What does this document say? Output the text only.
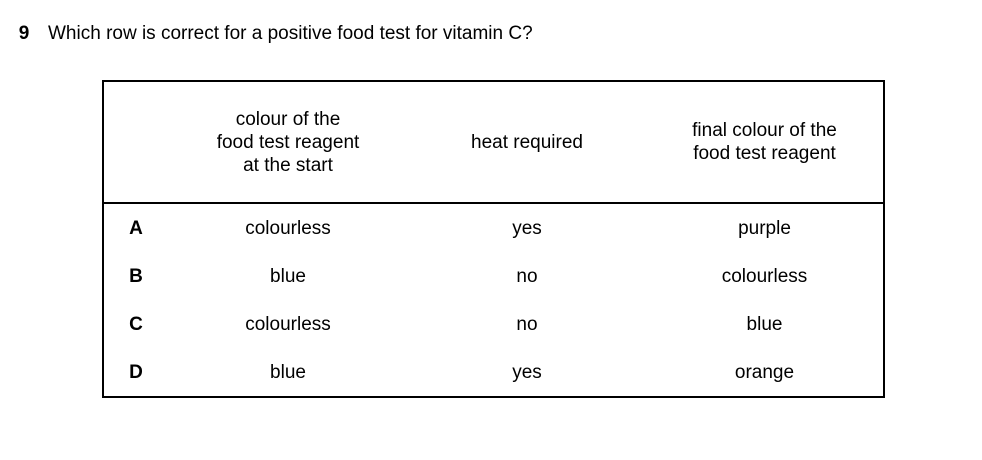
9 Which row is correct for a positive food test for vitamin C?

	colour of the
food test reagent
at the start	heat required	final colour of the
food test reagent

A	colourless	yes	purple
B	blue	no	colourless
C	colourless	no	blue
D	blue	yes	orange
